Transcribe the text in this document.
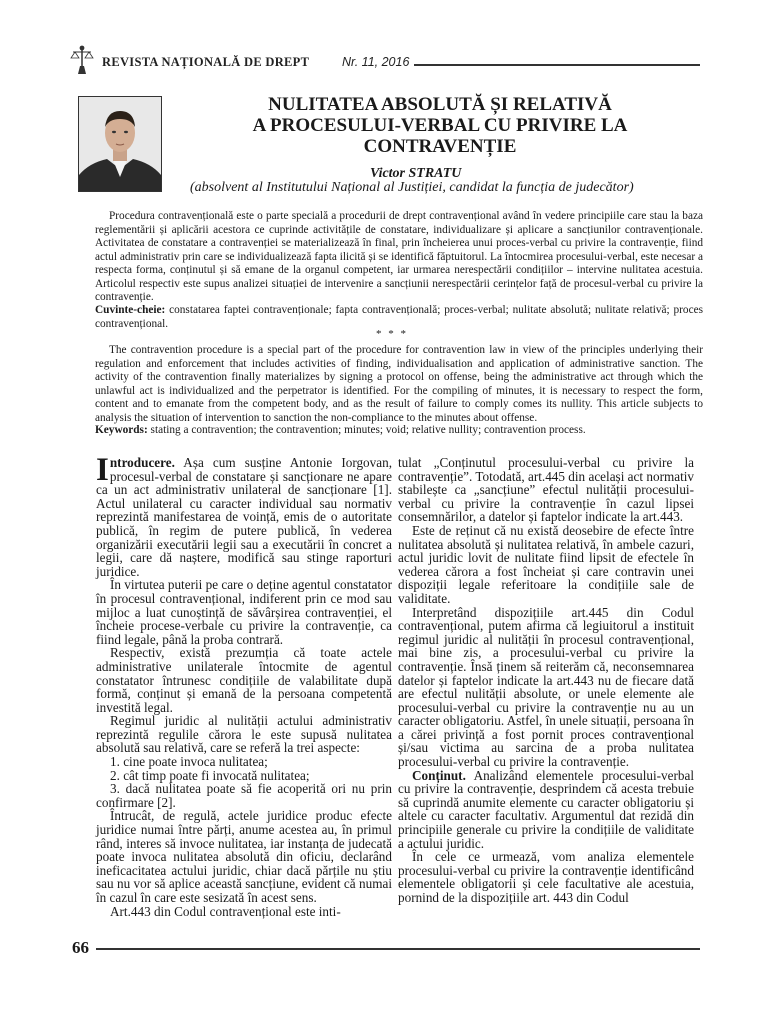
REVISTA NAȚIONALĂ DE DREPT	Nr. 11, 2016
NULITATEA ABSOLUTĂ ȘI RELATIVĂ
A PROCESULUI-VERBAL CU PRIVIRE LA
CONTRAVENȚIE
Victor STRATU
(absolvent al Institutului Național al Justiției, candidat la funcția de judecător)
Procedura contravențională este o parte specială a procedurii de drept contravențional având în vedere principiile care stau la baza reglementării și aplicării acestora ce cuprinde activitățile de constatare, individualizare și aplicare a sancțiunilor contravenționale. Activitatea de constatare a contravenției se materializează în final, prin încheierea unui proces-verbal cu privire la contravenție, fiind actul administrativ prin care se individualizează fapta ilicită și se identifică făptuitorul. La întocmirea procesului-verbal, este necesar a respecta forma, conținutul și să emane de la organul competent, iar urmarea nerespectării condițiilor – intervine nulitatea acestuia. Articolul respectiv este supus analizei situației de intervenire a sancțiunii nerespectării cerințelor față de procesul-verbal cu privire la contravenție.
Cuvinte-cheie: constatarea faptei contravenționale; fapta contravențională; proces-verbal; nulitate absolută; nulitate relativă; proces contravențional.
* * *
The contravention procedure is a special part of the procedure for contravention law in view of the principles underlying their regulation and enforcement that includes activities of finding, individualisation and application of administrative sanction. The activity of the contravention finally materializes by signing a protocol on offense, being the administrative act through which the unlawful act is individualized and the perpetrator is identified. For the compiling of minutes, it is necessary to respect the form, content and to emanate from the competent body, and as the result of failure to comply comes its nullity. This article subjects to analysis the situation of intervention to sanction the non-compliance to the minutes about offense.
Keywords: stating a contravention; the contravention; minutes; void; relative nullity; contravention process.

Introducere. Așa cum susține Antonie Iorgovan, procesul-verbal de constatare și sancționare ne apare ca un act administrativ unilateral de sancționare [1]. Actul unilateral cu caracter individual sau normativ reprezintă manifestarea de voință, emis de o autoritate publică, în regim de putere publică, în vederea organizării executării legii sau a executării în concret a legii, care dă naștere, modifică sau stinge raporturi juridice.

În virtutea puterii pe care o deține agentul constatator în procesul contravențional, indiferent prin ce mod sau mijloc a luat cunoștință de săvârșirea contravenției, el încheie procese-verbale cu privire la contravenție, ca fiind legale, până la proba contrară.

Respectiv, există prezumția că toate actele administrative unilaterale întocmite de agentul constatator întrunesc condițiile de valabilitate după formă, conținut și emană de la persoana competentă investită legal.

Regimul juridic al nulității actului administrativ reprezintă regulile cărora le este supusă nulitatea absolută sau relativă, care se referă la trei aspecte:

1. cine poate invoca nulitatea;

2. cât timp poate fi invocată nulitatea;

3. dacă nulitatea poate să fie acoperită ori nu prin confirmare [2].

Întrucât, de regulă, actele juridice produc efecte juridice numai între părți, anume acestea au, în primul rând, interes să invoce nulitatea, iar instanța de judecată poate invoca nulitatea absolută din oficiu, declarând ineficacitatea actului juridic, chiar dacă părțile nu știu sau nu vor să aplice această sancțiune, evident că numai în cazul în care este sesizată în acest sens.

Art.443 din Codul contravențional este inti-

tulat „Conținutul procesului-verbal cu privire la contravenție”. Totodată, art.445 din același act normativ stabilește ca „sancțiune” efectul nulității procesului-verbal cu privire la contravenție în cazul lipsei consemnărilor, a datelor și faptelor indicate la art.443.

Este de reținut că nu există deosebire de efecte între nulitatea absolută și nulitatea relativă, în ambele cazuri, actul juridic lovit de nulitate fiind lipsit de efectele în vederea cărora a fost încheiat și care contravin unei dispoziții legale referitoare la condițiile sale de validitate.

Interpretând dispozițiile art.445 din Codul contravențional, putem afirma că legiuitorul a instituit regimul juridic al nulității în procesul contravențional, mai bine zis, a procesului-verbal cu privire la contravenție. Însă ținem să reiterăm că, neconsemnarea datelor și faptelor indicate la art.443 nu de fiecare dată are efectul nulității absolute, or unele elemente ale procesului-verbal cu privire la contravenție nu au un caracter obligatoriu. Astfel, în unele situații, persoana în a cărei privință a fost pornit proces contravențional și/sau victima au sarcina de a proba nulitatea procesului-verbal cu privire la contravenție.

Conținut. Analizând elementele procesului-verbal cu privire la contravenție, desprindem că acesta trebuie să cuprindă anumite elemente cu caracter obligatoriu și altele cu caracter facultativ. Argumentul dat rezidă din principiile generale cu privire la condițiile de validitate a actului juridic.

În cele ce urmează, vom analiza elementele procesului-verbal cu privire la contravenție identificând elementele obligatorii și cele facultative ale acestuia, pornind de la dispozițiile art. 443 din Codul

66
